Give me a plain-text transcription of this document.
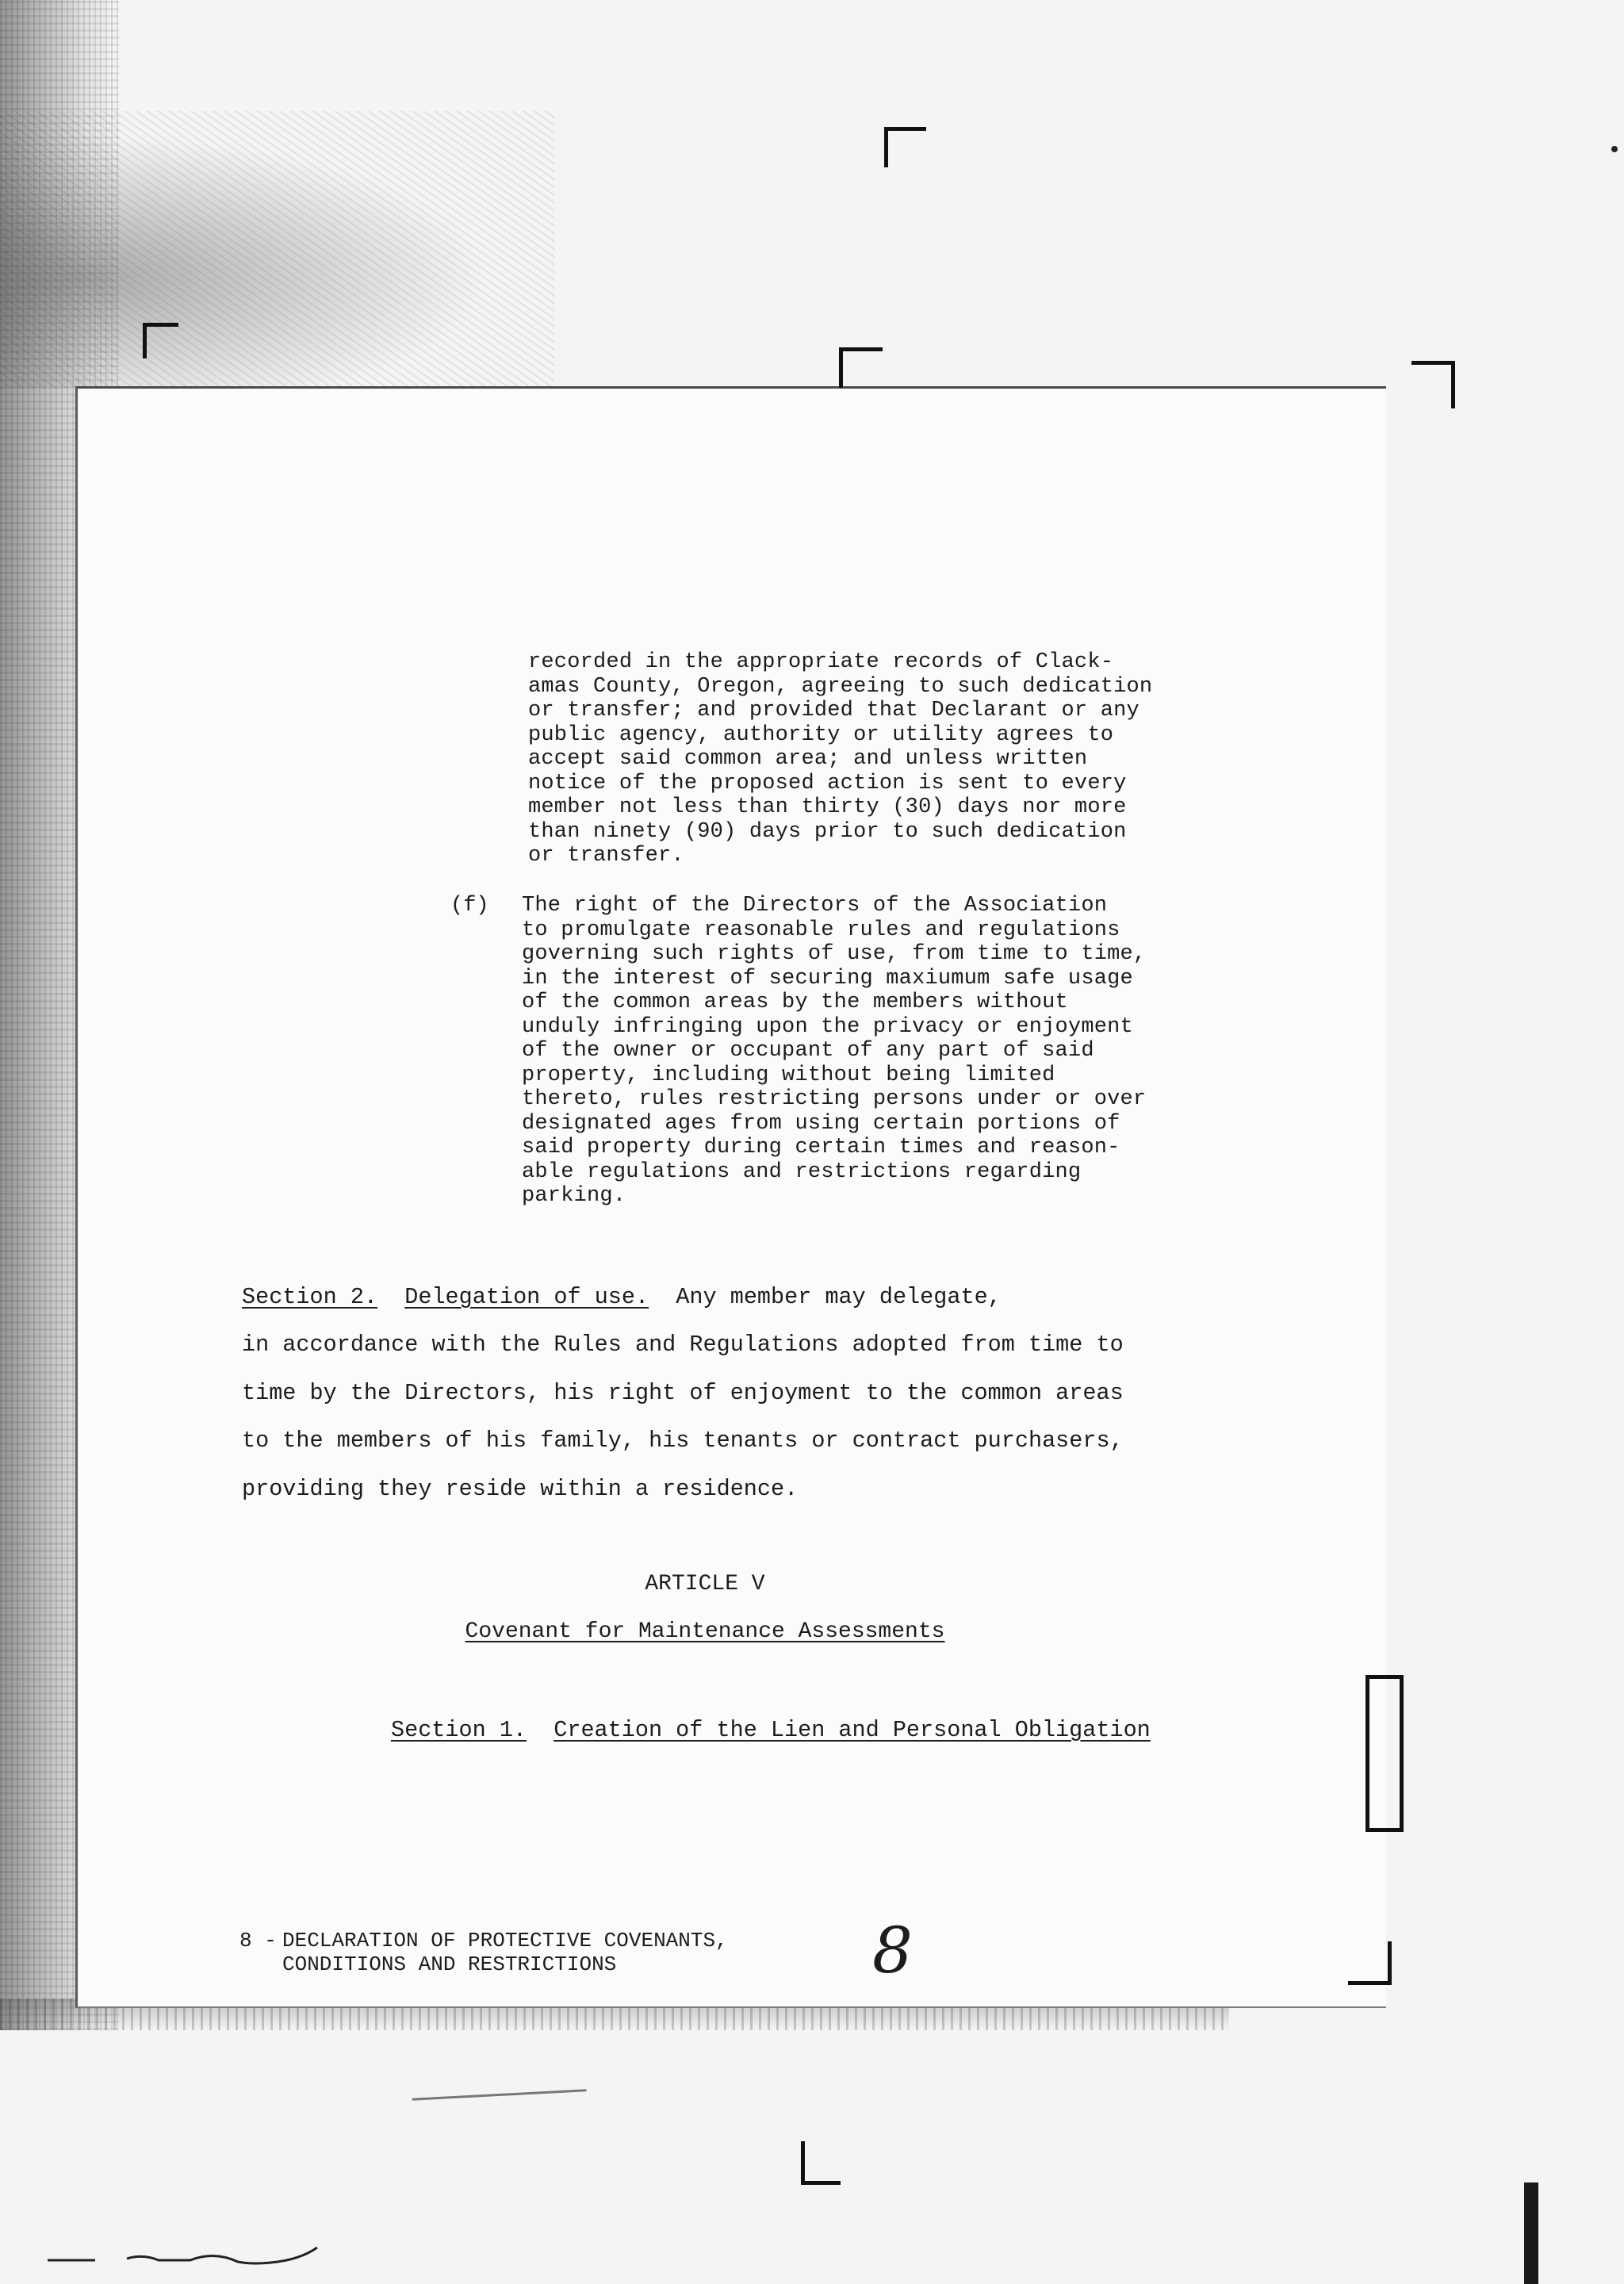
recorded in the appropriate records of Clack-
amas County, Oregon, agreeing to such dedication
or transfer; and provided that Declarant or any
public agency, authority or utility agrees to
accept said common area; and unless written
notice of the proposed action is sent to every
member not less than thirty (30) days nor more
than ninety (90) days prior to such dedication
or transfer.

(f) The right of the Directors of the Association
to promulgate reasonable rules and regulations
governing such rights of use, from time to time,
in the interest of securing maxiumum safe usage
of the common areas by the members without
unduly infringing upon the privacy or enjoyment
of the owner or occupant of any part of said
property, including without being limited
thereto, rules restricting persons under or over
designated ages from using certain portions of
said property during certain times and reason-
able regulations and restrictions regarding
parking.

Section 2. Delegation of use.  Any member may delegate,

in accordance with the Rules and Regulations adopted from time to
time by the Directors, his right of enjoyment to the common areas
to the members of his family, his tenants or contract purchasers,
providing they reside within a residence.

ARTICLE V
Covenant for Maintenance Assessments
Section 1. Creation of the Lien and Personal Obligation
8 - DECLARATION OF PROTECTIVE COVENANTS,
CONDITIONS AND RESTRICTIONS	8
